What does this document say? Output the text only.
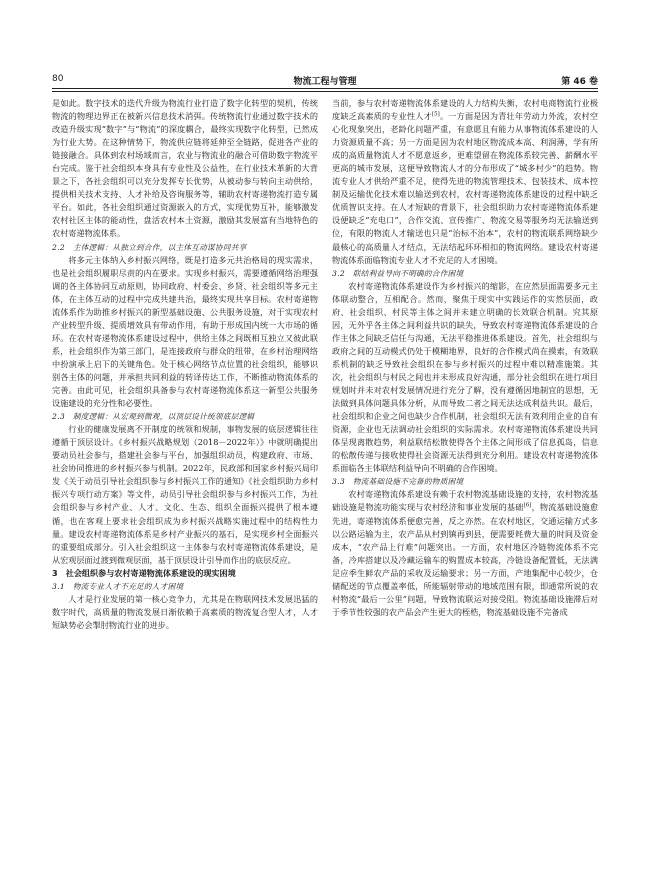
80	物流工程与管理	第 46 卷

是如此。数字技术的迭代升级为物流行业打造了数字化转型的契机，传统物流的物理边界正在被新兴信息技术消弭。传统物流行业通过数字技术的改造升级实现“数字”与“物流”的深度耦合，最终实现数字化转型，已然成为行业大势。在这种情势下，物流供应链将延伸至全链路，促进各产业的链接融合。具体到农村场域而言，农业与物流业的融合可借助数字物流平台完成。鉴于社会组织本身具有专业性及公益性，在行业技术革新的大背景之下，各社会组织可以充分发挥专长优势，从被动参与转向主动供给，提供相关技术支持、人才补给及咨询服务等，辅助农村寄递物流打造专属平台。如此，各社会组织通过资源嵌入的方式，实现优势互补，能够激发农村社区主体的能动性，盘活农村本土资源，激励其发展富有当地特色的农村寄递物流体系。

2.2　主体逻辑：从独立到合作，以主体互动谋协同共享

将多元主体纳入乡村振兴网络，既是打造多元共治格局的现实需求，也是社会组织履职尽责的内在要求。实现乡村振兴，需要遵循网络治理强调的各主体协同互动原则，协同政府、村委会、乡贤、社会组织等多元主体，在主体互动的过程中完成共建共治，最终实现共享目标。农村寄递物流体系作为助推乡村振兴的新型基础设施、公共服务设施，对于实现农村产业转型升级、提质增效具有带动作用，有助于形成国内统一大市场的循环。在农村寄递物流体系建设过程中，供给主体之间既相互独立又彼此联系，社会组织作为第三部门，是连接政府与群众的纽带，在乡村治理网络中扮演承上启下的关键角色。处于核心网络节点位置的社会组织，能够识别各主体的问题，并承担共同利益的转译传达工作，不断推动物流体系的完善。由此可见，社会组织具备参与农村寄递物流体系这一新型公共服务设施建设的充分性和必要性。

2.3　制度逻辑：从宏观到微观，以顶层设计统领底层逻辑

行业的健康发展离不开制度的统领和规制，事物发展的底层逻辑往往遵循于顶层设计。《乡村振兴战略规划（2018－2022年）》中就明确提出要动员社会参与，搭建社会参与平台，加强组织动员，构建政府、市场、社会协同推进的乡村振兴参与机制。2022年，民政部和国家乡村振兴局印发《关于动员引导社会组织参与乡村振兴工作的通知》《社会组织助力乡村振兴专项行动方案》等文件，动员引导社会组织参与乡村振兴工作，为社会组织参与乡村产业、人才、文化、生态、组织全面振兴提供了根本遵循，也在客观上要求社会组织成为乡村振兴战略实施过程中的结构性力量。建设农村寄递物流体系是乡村产业振兴的基石，是实现乡村全面振兴的重要组成部分。引入社会组织这一主体参与农村寄递物流体系建设，是从宏观层面过渡到微观层面，基于顶层设计引导而作出的底层反应。

3　社会组织参与农村寄递物流体系建设的现实困境
3.1　物流专业人才不充足的人才困境

人才是行业发展的第一核心竞争力，尤其是在物联网技术发展迅猛的数字时代，高质量的物流发展日渐依赖于高素质的物流复合型人才，人才短缺势必会掣肘物流行业的进步。

当前，参与农村寄递物流体系建设的人力结构失衡，农村电商物流行业极度缺乏高素质的专业性人才[5]。一方面是因为青壮年劳动力外流，农村空心化现象突出，老龄化问题严重，有意愿且有能力从事物流体系建设的人力资源质量不高；另一方面是因为农村地区物流成本高、利润薄，学有所成的高质量物流人才不愿意返乡，更难望留在物流体系较完善、薪酬水平更高的城市发展，这便导致物流人才的分布形成了“城多村少”的趋势。物流专业人才供给严重不足，使得先进的物流管理技术、包装技术、成本控制及运输优化技术难以输送到农村，农村寄递物流体系建设的过程中缺乏优质智识支持。在人才短缺的背景下，社会组织助力农村寄递物流体系建设便缺乏“充电口”，合作交流、宣传推广、物流交易等服务均无法输送到位，有限的物流人才输送也只是“治标不治本”，农村的物流联系网络缺少最核心的高质量人才结点，无法结起环环相扣的物流网络。建设农村寄递物流体系面临物流专业人才不充足的人才困境。

3.2　联结利益导向不明确的合作困境

农村寄递物流体系建设作为乡村振兴的缩影，在应然层面需要多元主体联动整合，互相配合。然而，聚焦于现实中实践运作的实然层面，政府、社会组织、村民等主体之间并未建立明确的长效联合机制。究其原因，无外乎各主体之间利益共识的缺失，导致农村寄递物流体系建设的合作主体之间缺乏信任与沟通，无法平稳推进体系建设。首先，社会组织与政府之间的互动模式仍处于模糊地界，良好的合作模式尚在摸索，有效联系机制的缺乏导致社会组织在参与乡村振兴的过程中难以精准施策。其次，社会组织与村民之间也并未形成良好沟通，部分社会组织在进行项目规划时并未对农村发展情况进行充分了解，没有遵循因地制宜的思想，无法做到具体问题具体分析，从而导致二者之间无法达成利益共识。最后，社会组织和企业之间也缺少合作机制，社会组织无法有效利用企业的自有资源，企业也无法调动社会组织的实际需求。农村寄递物流体系建设共同体呈现离散趋势，利益联结松散使得各个主体之间形成了信息孤岛，信息的松散传递与接收使得社会资源无法得到充分利用。建设农村寄递物流体系面临各主体联结利益导向不明确的合作困境。

3.3　物流基础设施不完备的物质困境

农村寄递物流体系建设有赖于农村物流基础设施的支持，农村物流基础设施是物流功能实现与农村经济和事业发展的基础[6]，物流基础设施愈先进，寄递物流体系便愈完善，反之亦然。在农村地区，交通运输方式多以公路运输为主，农产品从村到镇再到县，便需要耗费大量的时间及资金成本，“农产品上行难”问题突出。一方面，农村地区冷链物流体系不完备，冷库搭建以及冷藏运输车的购置成本较高，冷链设备配置低，无法满足应季生鲜农产品的采收及运输要求；另一方面，产地集配中心较少，仓储配送的节点覆盖率低，所能辐射带动的地域范围有限，即通常所说的农村物流“最后一公里”问题，导致物流联运对接受阻。物流基础设施滞后对于季节性较强的农产品会产生更大的桎梏，物流基础设施不完备成
